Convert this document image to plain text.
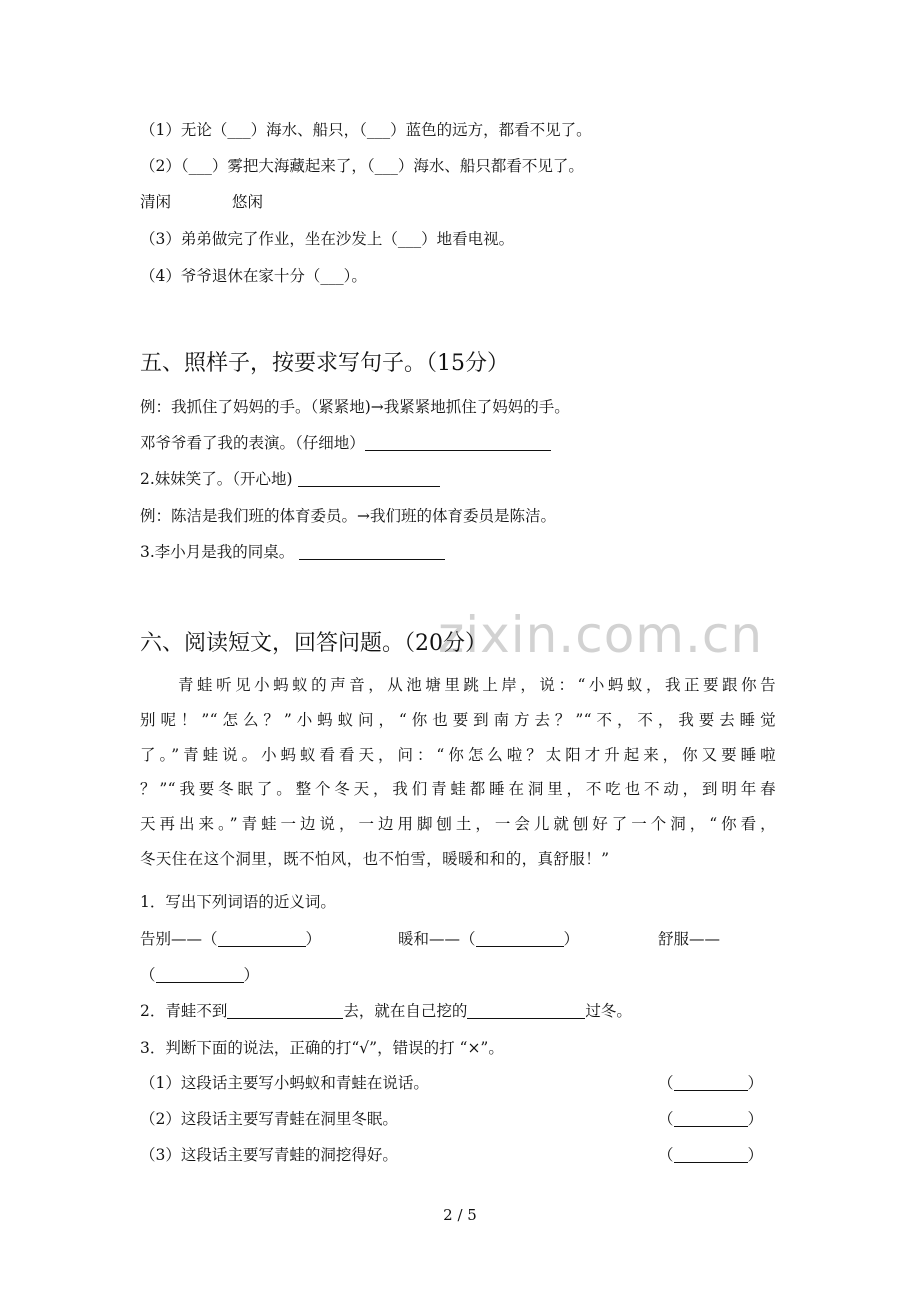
（1）无论（___）海水、船只，（___）蓝色的远方，都看不见了。
（2）（___）雾把大海藏起来了，（___）海水、船只都看不见了。
清闲	悠闲
（3）弟弟做完了作业，坐在沙发上（___）地看电视。
（4）爷爷退休在家十分（___）。
五、照样子，按要求写句子。（15分）
例：我抓住了妈妈的手。（紧紧地)→我紧紧地抓住了妈妈的手。
邓爷爷看了我的表演。（仔细地）
2.妹妹笑了。（开心地)
例：陈洁是我们班的体育委员。→我们班的体育委员是陈洁。
3.李小月是我的同桌。
zixin.com.cn
六、阅读短文，回答问题。（20分）
　　青蛙听见小蚂蚁的声音，从池塘里跳上岸，说：“小蚂蚁，我正要跟你告
别呢！”“怎么？”小蚂蚁问，“你也要到南方去？”“不，不，我要去睡觉
了。”青蛙说。小蚂蚁看看天，问：“你怎么啦？太阳才升起来，你又要睡啦
？”“我要冬眠了。整个冬天，我们青蛙都睡在洞里，不吃也不动，到明年春
天再出来。”青蛙一边说，一边用脚刨土，一会儿就刨好了一个洞，“你看，
冬天住在这个洞里，既不怕风，也不怕雪，暖暖和和的，真舒服！”
1．写出下列词语的近义词。
告别——（	）	暖和——（	）	舒服——
（	）
2．青蛙不到	去，就在自己挖的	过冬。
3．判断下面的说法，正确的打“√”，错误的打 “×”。
（1）这段话主要写小蚂蚁和青蛙在说话。	（	）
（2）这段话主要写青蛙在洞里冬眠。	（	）
（3）这段话主要写青蛙的洞挖得好。	（	）
2 / 5
